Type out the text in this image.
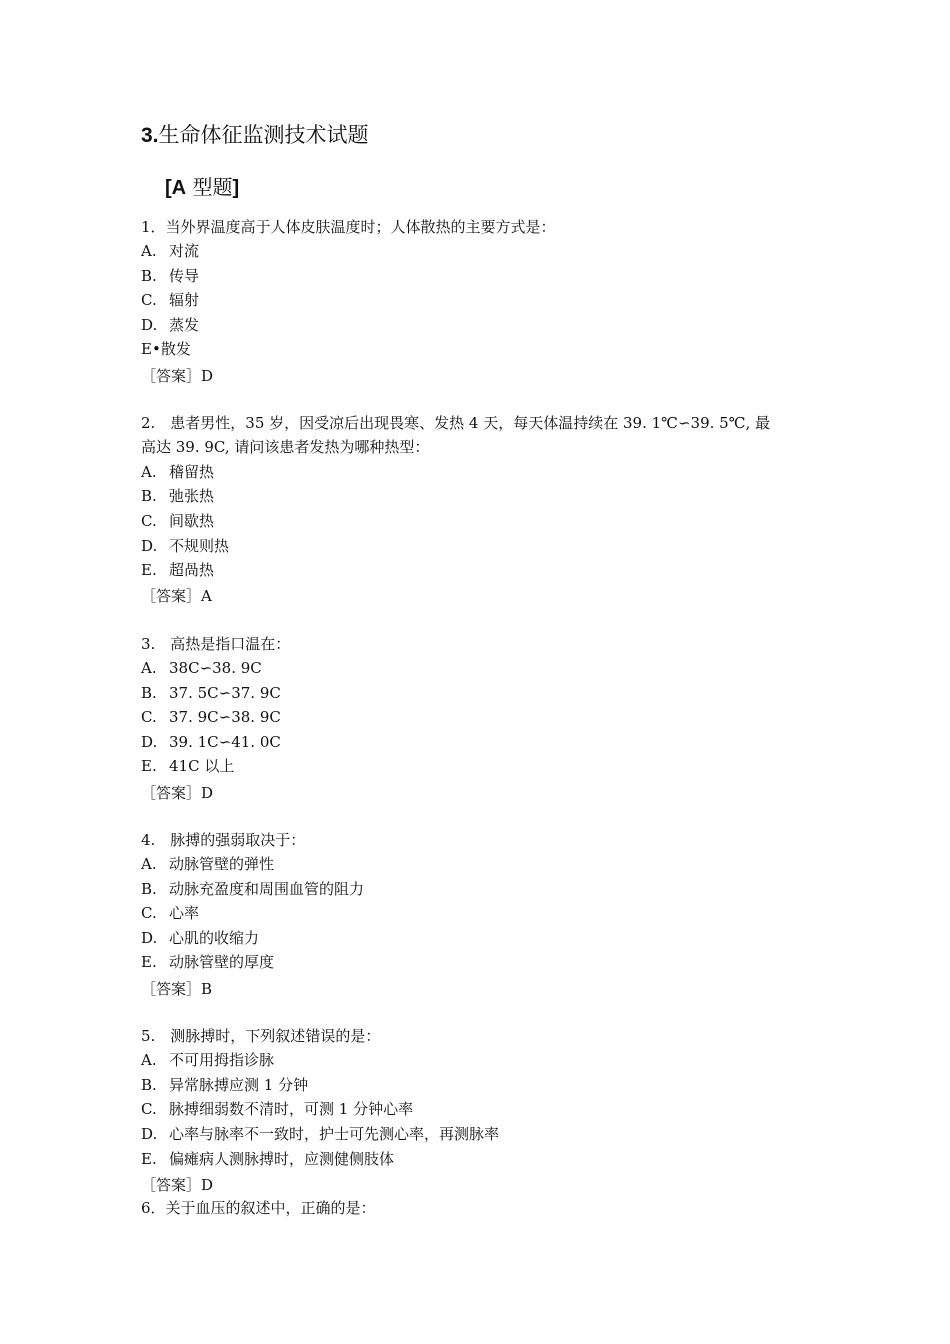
3.生命体征监测技术试题
[A 型题]
1．当外界温度高于人体皮肤温度时；人体散热的主要方式是：
A. 对流
B. 传导
C. 辐射
D. 蒸发
E•散发
［答案］D
2.　患者男性，35 岁，因受凉后出现畏寒、发热 4 天，每天体温持续在 39. 1℃∽39. 5℃, 最
高达 39. 9C, 请问该患者发热为哪种热型：
A. 稽留热
B. 弛张热
C. 间歇热
D. 不规则热
E. 超咼热
［答案］A
3.　高热是指口温在：
A. 38C∽38. 9C
B. 37. 5C∽37. 9C
C. 37. 9C∽38. 9C
D. 39. 1C∽41. 0C
E. 41C 以上
［答案］D
4.　脉搏的强弱取决于：
A. 动脉管壁的弹性
B. 动脉充盈度和周围血管的阻力
C. 心率
D. 心肌的收缩力
E. 动脉管壁的厚度
［答案］B
5.　测脉搏时，下列叙述错误的是：
A. 不可用拇指诊脉
B. 异常脉搏应测 1 分钟
C. 脉搏细弱数不清时，可测 1 分钟心率
D. 心率与脉率不一致时，护士可先测心率，再测脉率
E. 偏瘫病人测脉搏时，应测健侧肢体
［答案］D
6．关于血压的叙述中，正确的是：
